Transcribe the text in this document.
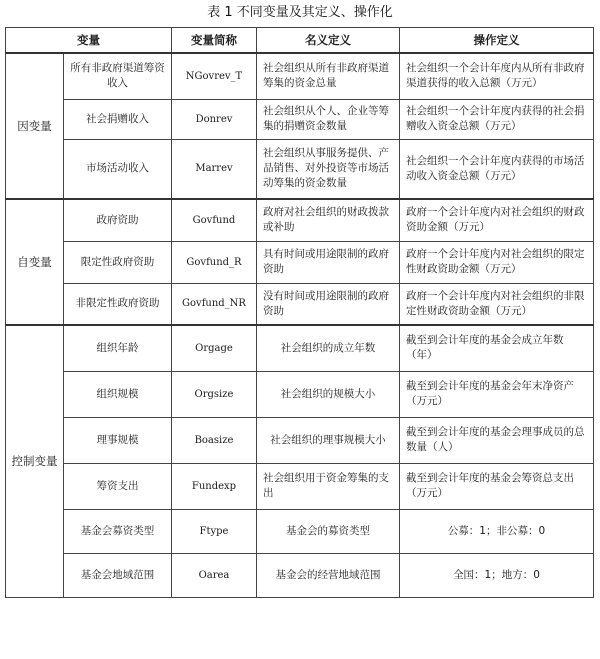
表 1 不同变量及其定义、操作化
变量		变量简称	名义定义	操作定义
因变量	所有非政府渠道筹资收入	NGovrev_T	社会组织从所有非政府渠道筹集的资金总量	社会组织一个会计年度内从所有非政府渠道获得的收入总额（万元）
	社会捐赠收入	Donrev	社会组织从个人、企业等筹集的捐赠资金数量	社会组织一个会计年度内获得的社会捐赠收入资金总额（万元）
	市场活动收入	Marrev	社会组织从事服务提供、产品销售、对外投资等市场活动筹集的资金数量	社会组织一个会计年度内获得的市场活动收入资金总额（万元）
自变量	政府资助	Govfund	政府对社会组织的财政拨款或补助	政府一个会计年度内对社会组织的财政资助金额（万元）
	限定性政府资助	Govfund_R	具有时间或用途限制的政府资助	政府一个会计年度内对社会组织的限定性财政资助金额（万元）
	非限定性政府资助	Govfund_NR	没有时间或用途限制的政府资助	政府一个会计年度内对社会组织的非限定性财政资助金额（万元）
控制变量	组织年龄	Orgage	社会组织的成立年数	截至到会计年度的基金会成立年数（年）
	组织规模	Orgsize	社会组织的规模大小	截至到会计年度的基金会年末净资产（万元）
	理事规模	Boasize	社会组织的理事规模大小	截至到会计年度的基金会理事成员的总数量（人）
	筹资支出	Fundexp	社会组织用于资金筹集的支出	截至到会计年度的基金会筹资总支出（万元）
	基金会募资类型	Ftype	基金会的募资类型	公募：1；非公募：0
	基金会地域范围	Oarea	基金会的经营地域范围	全国：1；地方：0
